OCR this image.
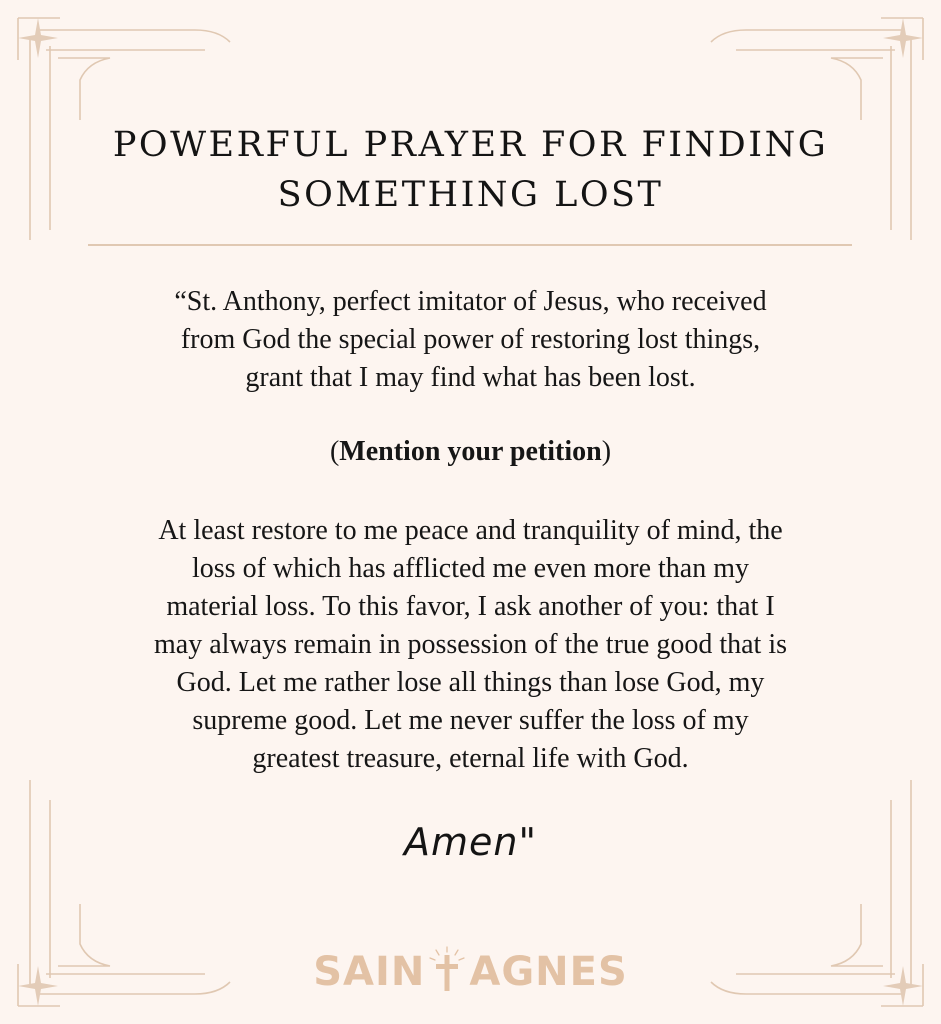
POWERFUL PRAYER FOR FINDING
SOMETHING LOST

“St. Anthony, perfect imitator of Jesus, who received
from God the special power of restoring lost things,
grant that I may find what has been lost.

(Mention your petition)

At least restore to me peace and tranquility of mind, the
loss of which has afflicted me even more than my
material loss. To this favor, I ask another of you: that I
may always remain in possession of the true good that is
God. Let me rather lose all things than lose God, my
supreme good. Let me never suffer the loss of my
greatest treasure, eternal life with God.

Amen"
SAIN AGNES
